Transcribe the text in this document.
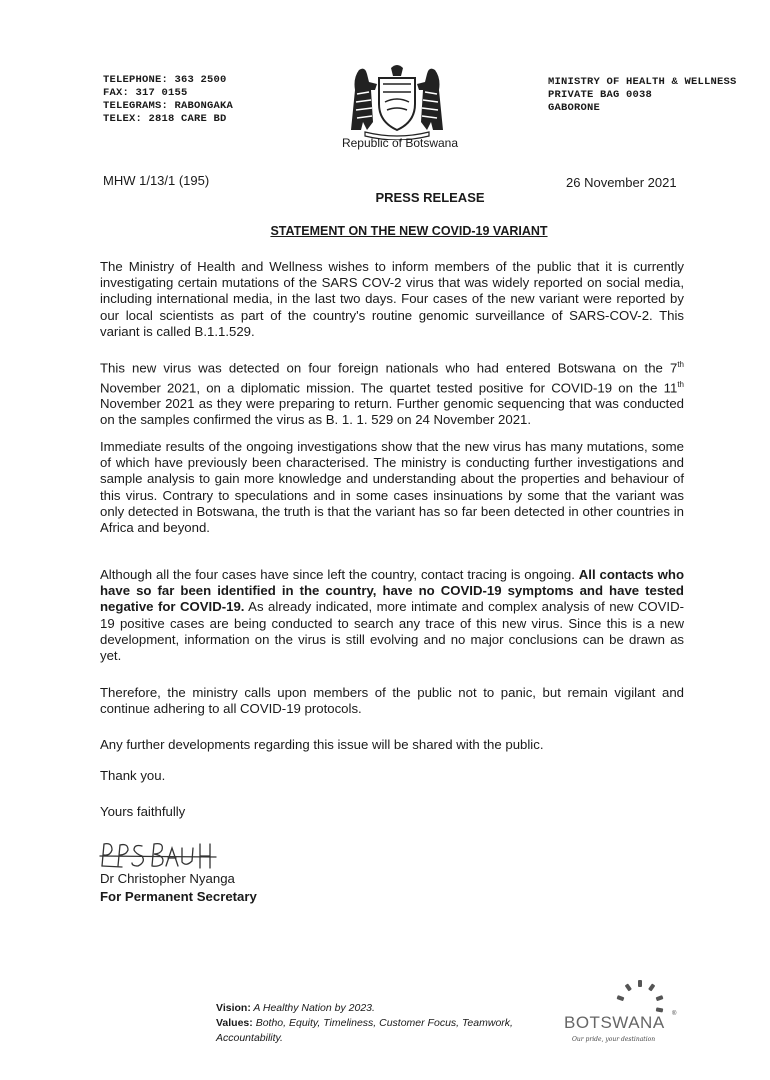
TELEPHONE: 363 2500
FAX: 317 0155
TELEGRAMS: RABONGAKA
TELEX: 2818 CARE BD
Republic of Botswana
MINISTRY OF HEALTH & WELLNESS
PRIVATE BAG 0038
GABORONE
MHW 1/13/1 (195)	26 November 2021
PRESS RELEASE
STATEMENT ON THE NEW COVID-19 VARIANT
The Ministry of Health and Wellness wishes to inform members of the public that it is currently investigating certain mutations of the SARS COV-2 virus that was widely reported on social media, including international media, in the last two days. Four cases of the new variant were reported by our local scientists as part of the country's routine genomic surveillance of SARS-COV-2. This variant is called B.1.1.529.
This new virus was detected on four foreign nationals who had entered Botswana on the 7th November 2021, on a diplomatic mission. The quartet tested positive for COVID-19 on the 11th November 2021 as they were preparing to return. Further genomic sequencing that was conducted on the samples confirmed the virus as B. 1. 1. 529 on 24 November 2021.
Immediate results of the ongoing investigations show that the new virus has many mutations, some of which have previously been characterised. The ministry is conducting further investigations and sample analysis to gain more knowledge and understanding about the properties and behaviour of this virus. Contrary to speculations and in some cases insinuations by some that the variant was only detected in Botswana, the truth is that the variant has so far been detected in other countries in Africa and beyond.
Although all the four cases have since left the country, contact tracing is ongoing. All contacts who have so far been identified in the country, have no COVID-19 symptoms and have tested negative for COVID-19. As already indicated, more intimate and complex analysis of new COVID-19 positive cases are being conducted to search any trace of this new virus. Since this is a new development, information on the virus is still evolving and no major conclusions can be drawn as yet.
Therefore, the ministry calls upon members of the public not to panic, but remain vigilant and continue adhering to all COVID-19 protocols.
Any further developments regarding this issue will be shared with the public.
Thank you.
Yours faithfully
Dr Christopher Nyanga
For Permanent Secretary
Vision: A Healthy Nation by 2023.
Values: Botho, Equity, Timeliness, Customer Focus, Teamwork, Accountability.
BOTSWANA ®
Our pride, your destination
